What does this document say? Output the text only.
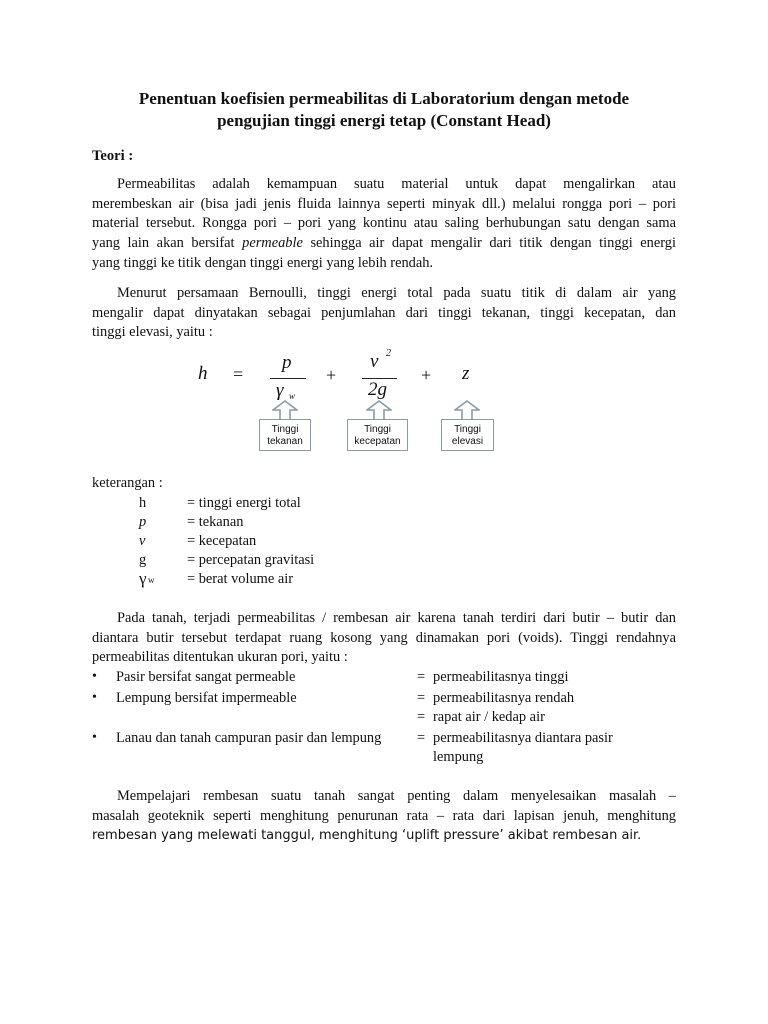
Penentuan koefisien permeabilitas di Laboratorium dengan metode
pengujian tinggi energi tetap (Constant Head)
Teori :
Permeabilitas adalah kemampuan suatu material untuk dapat mengalirkan atau
merembeskan air (bisa jadi jenis fluida lainnya seperti minyak dll.) melalui rongga pori – pori
material tersebut. Rongga pori – pori yang kontinu atau saling berhubungan satu dengan sama
yang lain akan bersifat permeable sehingga air dapat mengalir dari titik dengan tinggi energi
yang tinggi ke titik dengan tinggi energi yang lebih rendah.
Menurut persamaan Bernoulli, tinggi energi total pada suatu titik di dalam air yang
mengalir dapat dinyatakan sebagai penjumlahan dari tinggi tekanan, tinggi kecepatan, dan
tinggi elevasi, yaitu :
h =
p
γ w
+
v 2
2g
+ z
Tinggi
tekanan
Tinggi
kecepatan
Tinggi
elevasi
keterangan :
h	= tinggi energi total
p	= tekanan
v	= kecepatan
g	= percepatan gravitasi
γ w = berat volume air
Pada tanah, terjadi permeabilitas / rembesan air karena tanah terdiri dari butir – butir dan
diantara butir tersebut terdapat ruang kosong yang dinamakan pori (voids). Tinggi rendahnya
permeabilitas ditentukan ukuran pori, yaitu :
• Pasir bersifat sangat permeable	= permeabilitasnya tinggi
• Lempung bersifat impermeable	= permeabilitasnya rendah
= rapat air / kedap air
• Lanau dan tanah campuran pasir dan lempung = permeabilitasnya diantara pasir
lempung
Mempelajari rembesan suatu tanah sangat penting dalam menyelesaikan masalah –
masalah geoteknik seperti menghitung penurunan rata – rata dari lapisan jenuh, menghitung
rembesan yang melewati tanggul, menghitung ‘uplift pressure’ akibat rembesan air.
